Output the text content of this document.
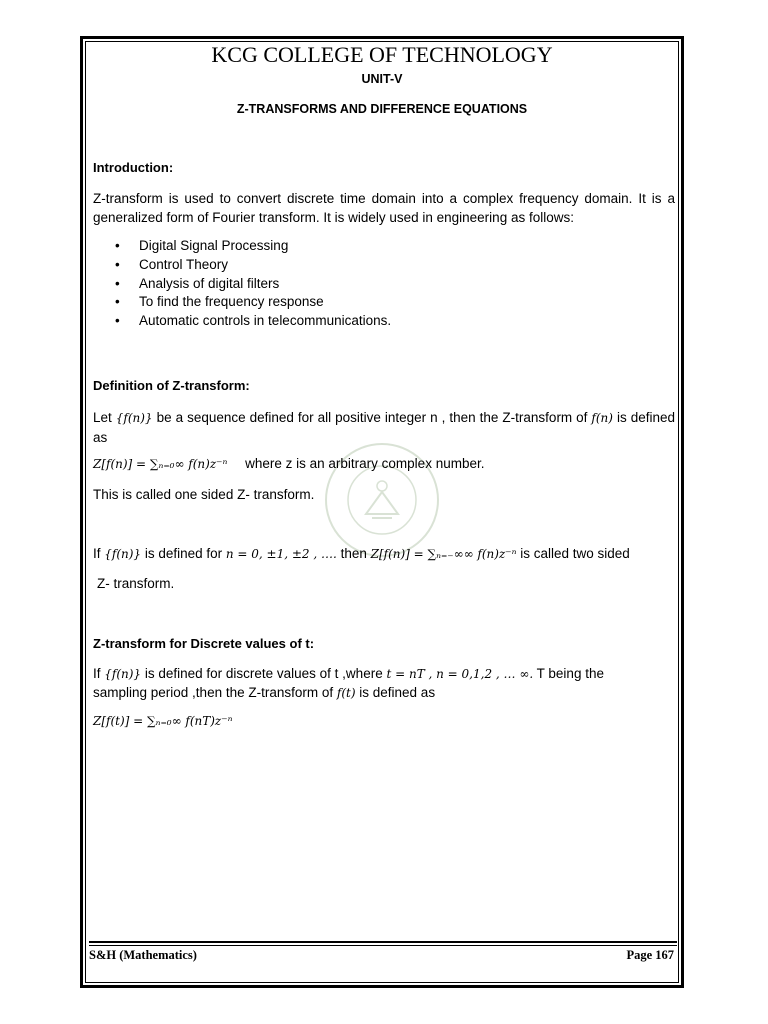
KCG COLLEGE OF TECHNOLOGY
UNIT-V
Z-TRANSFORMS AND DIFFERENCE EQUATIONS
Introduction:
Z-transform is used to convert discrete time domain into a complex frequency domain. It is a generalized form of Fourier transform. It is widely used in engineering as follows:
• Digital Signal Processing
• Control Theory
• Analysis of digital filters
• To find the frequency response
• Automatic controls in telecommunications.
Definition of Z-transform:
Let {f(n)} be a sequence defined for all positive integer n , then the Z-transform of f(n) is defined as
Z[f(n)] = ∑ₙ₌₀∞ f(n)z⁻ⁿ where z is an arbitrary complex number.
This is called one sided Z- transform.
If {f(n)} is defined for n = 0, ±1, ±2 , …. then Z[f(n)] = ∑ₙ₌₋∞∞ f(n)z⁻ⁿ is called two sided
Z- transform.
Z-transform for Discrete values of t:
If {f(n)} is defined for discrete values of t ,where t = nT , n = 0,1,2 , … ∞. T being the
sampling period ,then the Z-transform of f(t) is defined as
Z[f(t)] = ∑ₙ₌₀∞ f(nT)z⁻ⁿ
S&H (Mathematics)	Page 167
